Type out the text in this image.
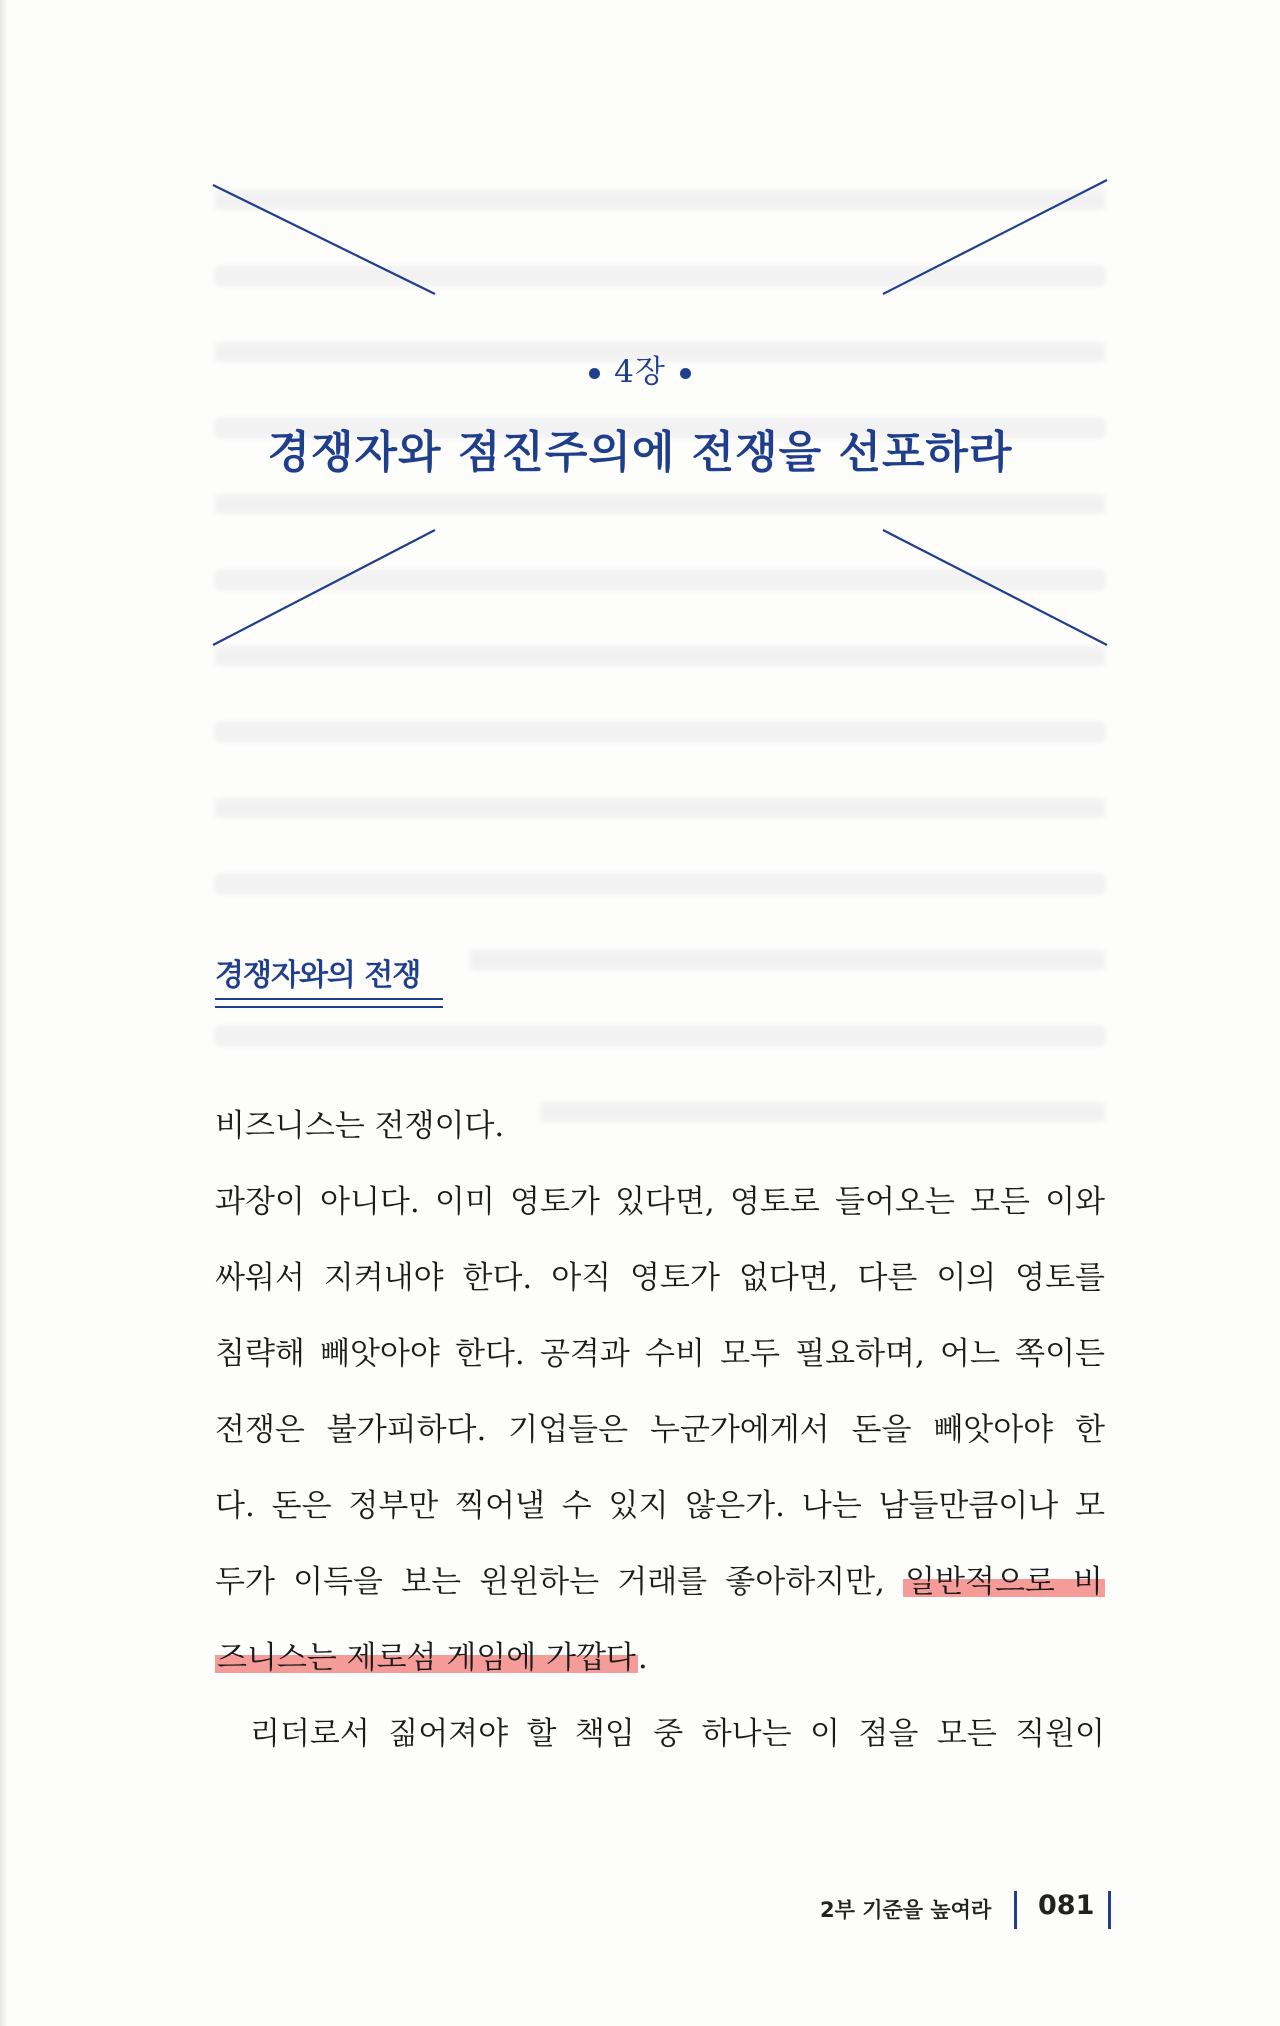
4장
경쟁자와 점진주의에 전쟁을 선포하라
경쟁자와의 전쟁
비즈니스는 전쟁이다.
과장이 아니다. 이미 영토가 있다면, 영토로 들어오는 모든 이와
싸워서 지켜내야 한다. 아직 영토가 없다면, 다른 이의 영토를
침략해 빼앗아야 한다. 공격과 수비 모두 필요하며, 어느 쪽이든
전쟁은 불가피하다. 기업들은 누군가에게서 돈을 빼앗아야 한
다. 돈은 정부만 찍어낼 수 있지 않은가. 나는 남들만큼이나 모
두가 이득을 보는 윈윈하는 거래를 좋아하지만, 일반적으로 비
즈니스는 제로섬 게임에 가깝다.
리더로서 짊어져야 할 책임 중 하나는 이 점을 모든 직원이
2부 기준을 높여라 081
